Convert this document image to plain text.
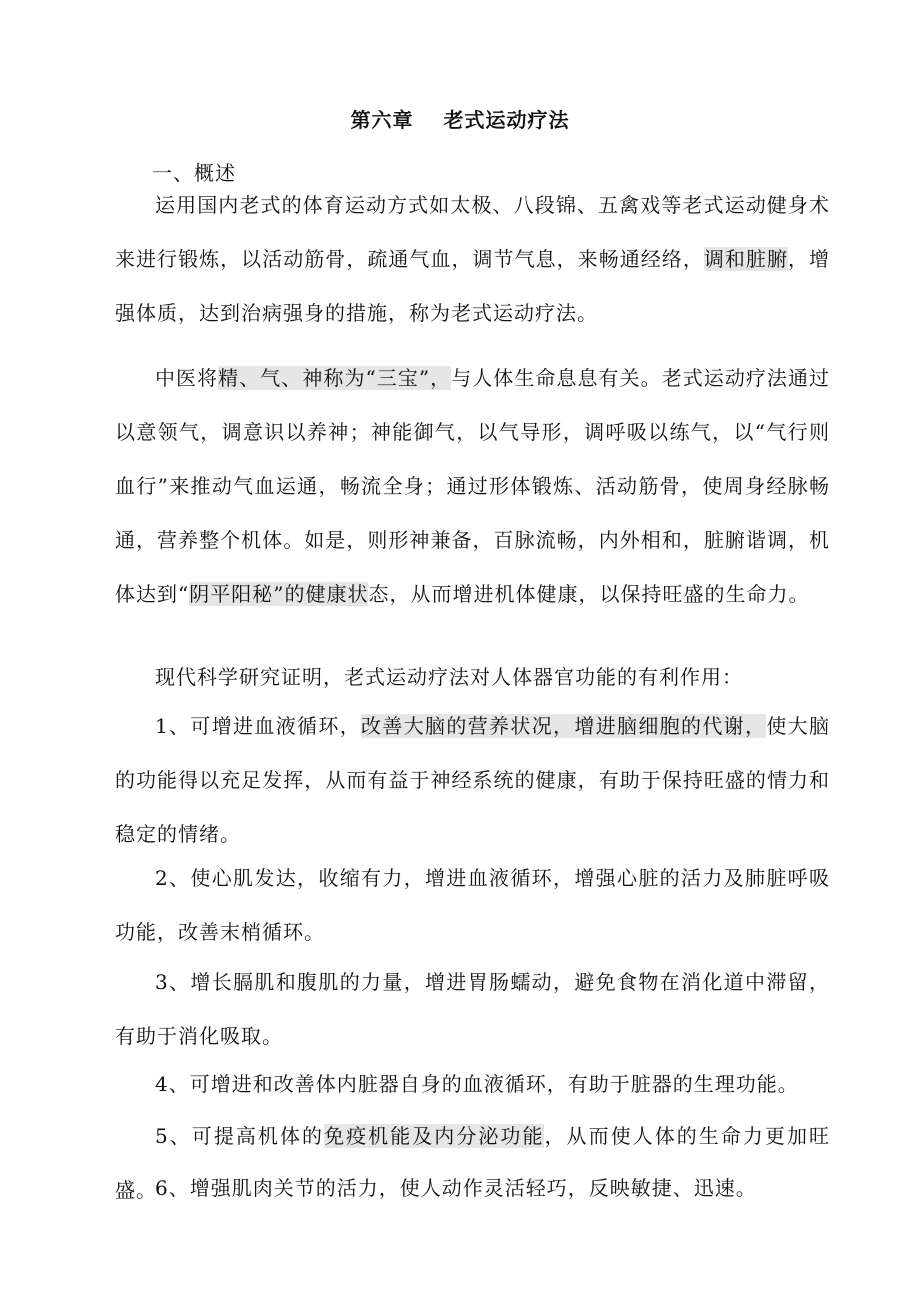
第六章 老式运动疗法
一、概述

运用国内老式的体育运动方式如太极、八段锦、五禽戏等老式运动健身术来进行锻炼，以活动筋骨，疏通气血，调节气息，来畅通经络，调和脏腑，增强体质，达到治病强身的措施，称为老式运动疗法。

中医将精、气、神称为“三宝”，与人体生命息息有关。老式运动疗法通过以意领气，调意识以养神；神能御气，以气导形，调呼吸以练气，以“气行则血行”来推动气血运通，畅流全身；通过形体锻炼、活动筋骨，使周身经脉畅通，营养整个机体。如是，则形神兼备，百脉流畅，内外相和，脏腑谐调，机体达到“阴平阳秘”的健康状态，从而增进机体健康，以保持旺盛的生命力。

现代科学研究证明，老式运动疗法对人体器官功能的有利作用：

1、可增进血液循环，改善大脑的营养状况，增进脑细胞的代谢，使大脑的功能得以充足发挥，从而有益于神经系统的健康，有助于保持旺盛的情力和稳定的情绪。

2、使心肌发达，收缩有力，增进血液循环，增强心脏的活力及肺脏呼吸功能，改善末梢循环。

3、增长膈肌和腹肌的力量，增进胃肠蠕动，避免食物在消化道中滞留，有助于消化吸取。

4、可增进和改善体内脏器自身的血液循环，有助于脏器的生理功能。

5、可提高机体的免疫机能及内分泌功能，从而使人体的生命力更加旺盛。

6、增强肌肉关节的活力，使人动作灵活轻巧，反映敏捷、迅速。
